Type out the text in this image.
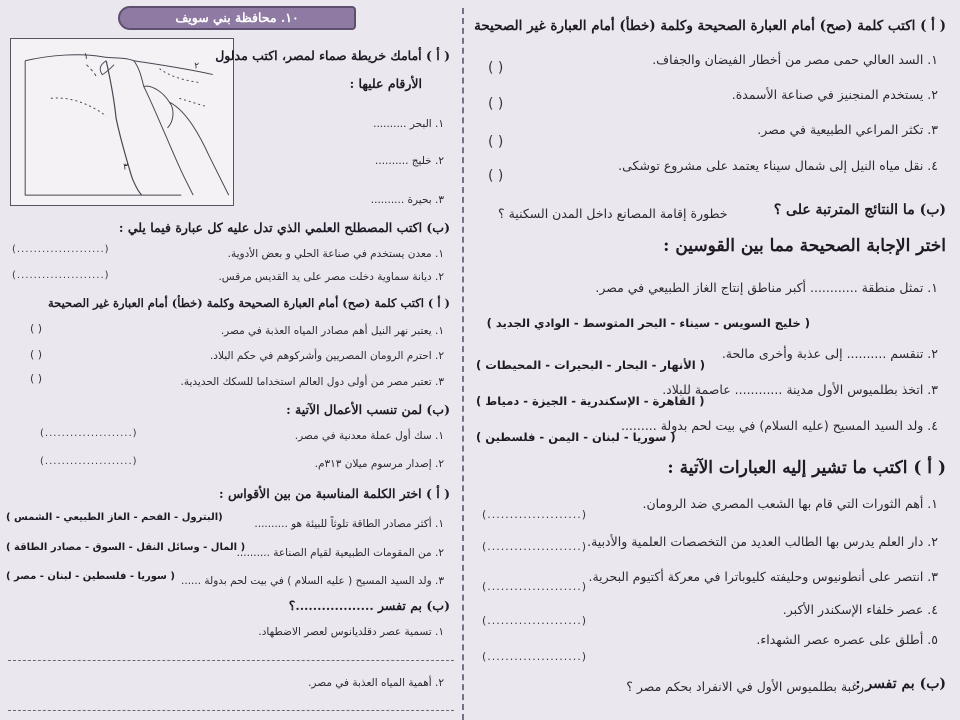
( أ ) اكتب كلمة (صح) أمام العبارة الصحيحة وكلمة (خطأ) أمام العبارة غير الصحيحة
١. السد العالي حمى مصر من أخطار الفيضان والجفاف.
( )
٢. يستخدم المنجنيز في صناعة الأسمدة.
( )
٣. تكثر المراعي الطبيعية في مصر.
( )
٤. نقل مياه النيل إلى شمال سيناء يعتمد على مشروع توشكى.
( )
(ب) ما النتائج المترتبة على ؟
خطورة إقامة المصانع داخل المدن السكنية ؟
اختر الإجابة الصحيحة مما بين القوسين :
١. تمثل منطقة ............ أكبر مناطق إنتاج الغاز الطبيعي في مصر.
( خليج السويس - سيناء - البحر المتوسط - الوادي الجديد )
٢. تنقسم .......... إلى عذبة وأخرى مالحة.
( الأنهار - البحار - البحيرات - المحيطات )
٣. اتخذ بطلميوس الأول مدينة ............ عاصمة للبلاد.
( القاهرة - الإسكندرية - الجيزة - دمياط )
٤. ولد السيد المسيح (عليه السلام) في بيت لحم بدولة .........
( سوريا - لبنان - اليمن - فلسطين )
( أ ) اكتب ما تشير إليه العبارات الآتية :
١. أهم الثورات التي قام بها الشعب المصري ضد الرومان.
(.....................)
٢. دار العلم يدرس بها الطالب العديد من التخصصات العلمية والأدبية.
(.....................)
٣. انتصر على أنطونيوس وحليفته كليوباترا في معركة أكتيوم البحرية.
(.....................)
٤. عصر خلفاء الإسكندر الأكبر.
(.....................)
٥. أطلق على عصره عصر الشهداء.
(.....................)
(ب) بم تفسر :
رغبة بطلميوس الأول في الانفراد بحكم مصر ؟
١٠. محافظة بني سويف
١
٢
٣
( أ ) أمامك خريطة صماء لمصر، اكتب مدلول
الأرقام عليها :
١. البحر ..........
٢. خليج ..........
٣. بحيرة ..........
(ب) اكتب المصطلح العلمي الذي تدل عليه كل عبارة فيما يلي :
١. معدن يستخدم في صناعة الحلي و بعض الأدوية.
(.....................)
٢. ديانة سماوية دخلت مصر على يد القديس مرقس.
(.....................)
( أ ) اكتب كلمة (صح) أمام العبارة الصحيحة وكلمة (خطأ) أمام العبارة غير الصحيحة
١. يعتبر نهر النيل أهم مصادر المياه العذبة في مصر.
( )
٢. احترم الرومان المصريين وأشركوهم في حكم البلاد.
( )
٣. تعتبر مصر من أولى دول العالم استخداما للسكك الحديدية.
( )
(ب) لمن تنسب الأعمال الآتية :
١. سك أول عملة معدنية في مصر.
(.....................)
٢. إصدار مرسوم ميلان ٣١٣م.
(.....................)
( أ ) اختر الكلمة المناسبة من بين الأقواس :
١. أكثر مصادر الطاقة تلوثاً للبيئة هو ..........
(البترول - الفحم - الغاز الطبيعي - الشمس )
٢. من المقومات الطبيعية لقيام الصناعة ..........
( المال - وسائل النقل - السوق - مصادر الطاقة )
٣. ولد السيد المسيح ( عليه السلام ) في بيت لحم بدولة ......
( سوريا - فلسطين - لبنان - مصر )
(ب) بم تفسر ..................؟
١. تسمية عصر دقلديانوس لعصر الاضطهاد.
٢. أهمية المياه العذبة في مصر.
